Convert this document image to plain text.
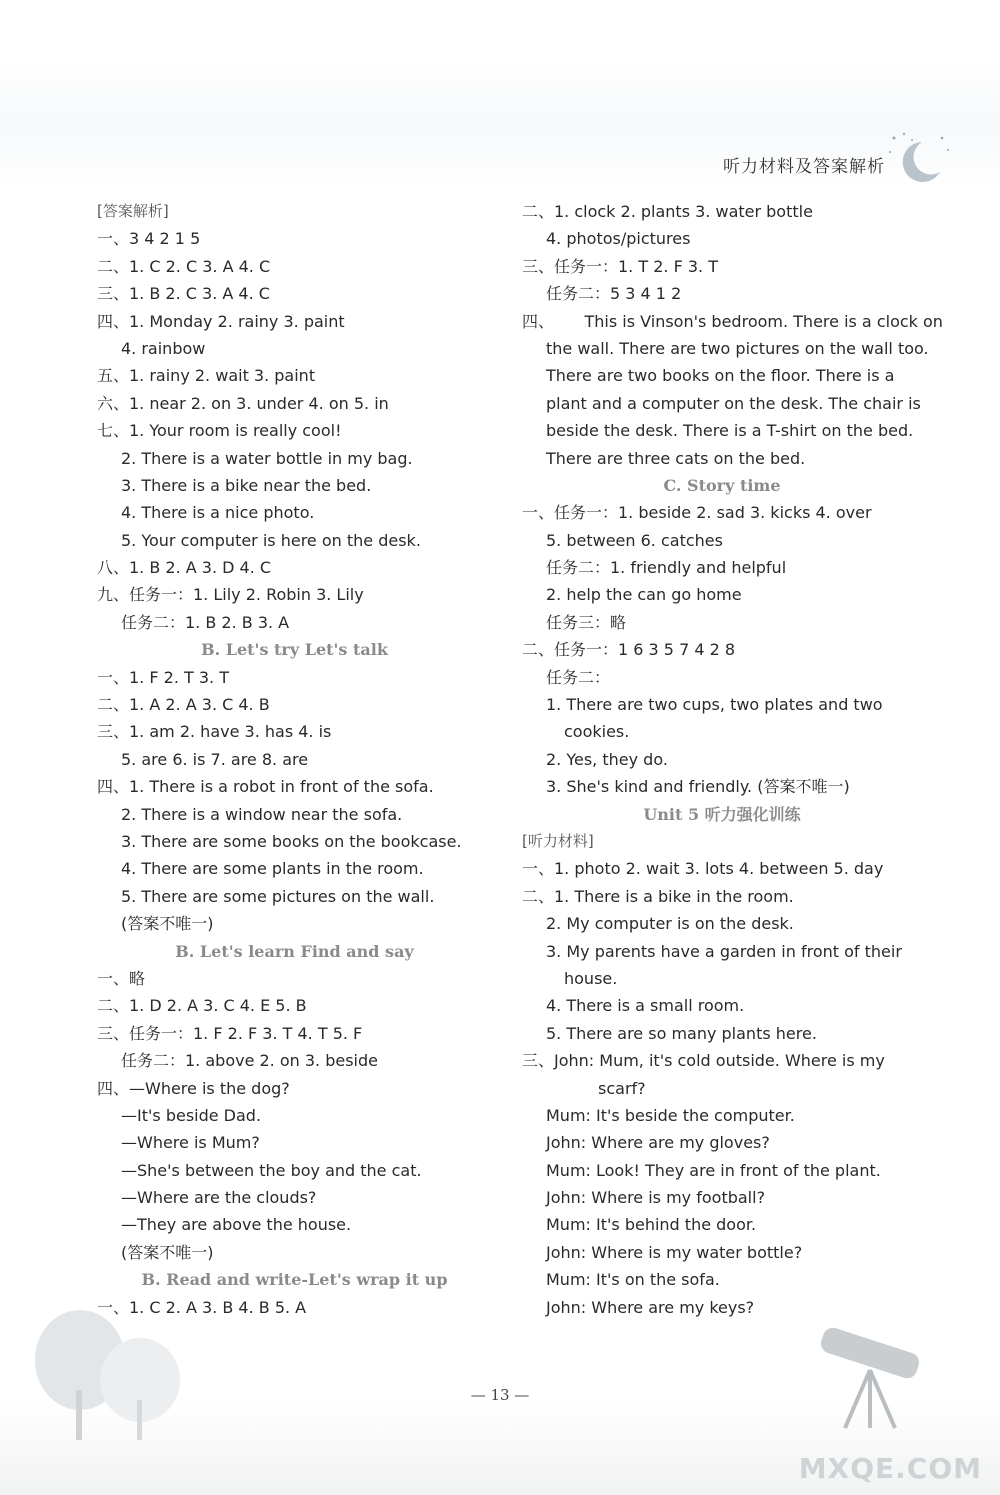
听力材料及答案解析
[答案解析]
一、3 4 2 1 5
二、1. C 2. C 3. A 4. C
三、1. B 2. C 3. A 4. C
四、1. Monday 2. rainy 3. paint
4. rainbow
五、1. rainy 2. wait 3. paint
六、1. near 2. on 3. under 4. on 5. in
七、1. Your room is really cool!
2. There is a water bottle in my bag.
3. There is a bike near the bed.
4. There is a nice photo.
5. Your computer is here on the desk.
八、1. B 2. A 3. D 4. C
九、任务一：1. Lily 2. Robin 3. Lily
任务二：1. B 2. B 3. A
B. Let's try Let's talk
一、1. F 2. T 3. T
二、1. A 2. A 3. C 4. B
三、1. am 2. have 3. has 4. is
5. are 6. is 7. are 8. are
四、1. There is a robot in front of the sofa.
2. There is a window near the sofa.
3. There are some books on the bookcase.
4. There are some plants in the room.
5. There are some pictures on the wall.
(答案不唯一)
B. Let's learn Find and say
一、略
二、1. D 2. A 3. C 4. E 5. B
三、任务一：1. F 2. F 3. T 4. T 5. F
任务二：1. above 2. on 3. beside
四、—Where is the dog?
—It's beside Dad.
—Where is Mum?
—She's between the boy and the cat.
—Where are the clouds?
—They are above the house.
(答案不唯一)
B. Read and write-Let's wrap it up
一、1. C 2. A 3. B 4. B 5. A
二、1. clock 2. plants 3. water bottle
4. photos/pictures
三、任务一：1. T 2. F 3. T
任务二：5 3 4 1 2
四、      This is Vinson's bedroom. There is a clock on
the wall. There are two pictures on the wall too.
There are two books on the floor. There is a
plant and a computer on the desk. The chair is
beside the desk. There is a T-shirt on the bed.
There are three cats on the bed.
C. Story time
一、任务一：1. beside 2. sad 3. kicks 4. over
5. between 6. catches
任务二：1. friendly and helpful
2. help the can go home
任务三：略
二、任务一：1 6 3 5 7 4 2 8
任务二：
1. There are two cups, two plates and two
cookies.
2. Yes, they do.
3. She's kind and friendly. (答案不唯一)
Unit 5 听力强化训练
[听力材料]
一、1. photo 2. wait 3. lots 4. between 5. day
二、1. There is a bike in the room.
2. My computer is on the desk.
3. My parents have a garden in front of their
house.
4. There is a small room.
5. There are so many plants here.
三、John: Mum, it's cold outside. Where is my
scarf?
Mum: It's beside the computer.
John: Where are my gloves?
Mum: Look! They are in front of the plant.
John: Where is my football?
Mum: It's behind the door.
John: Where is my water bottle?
Mum: It's on the sofa.
John: Where are my keys?
— 13 —
MXQE.COM
